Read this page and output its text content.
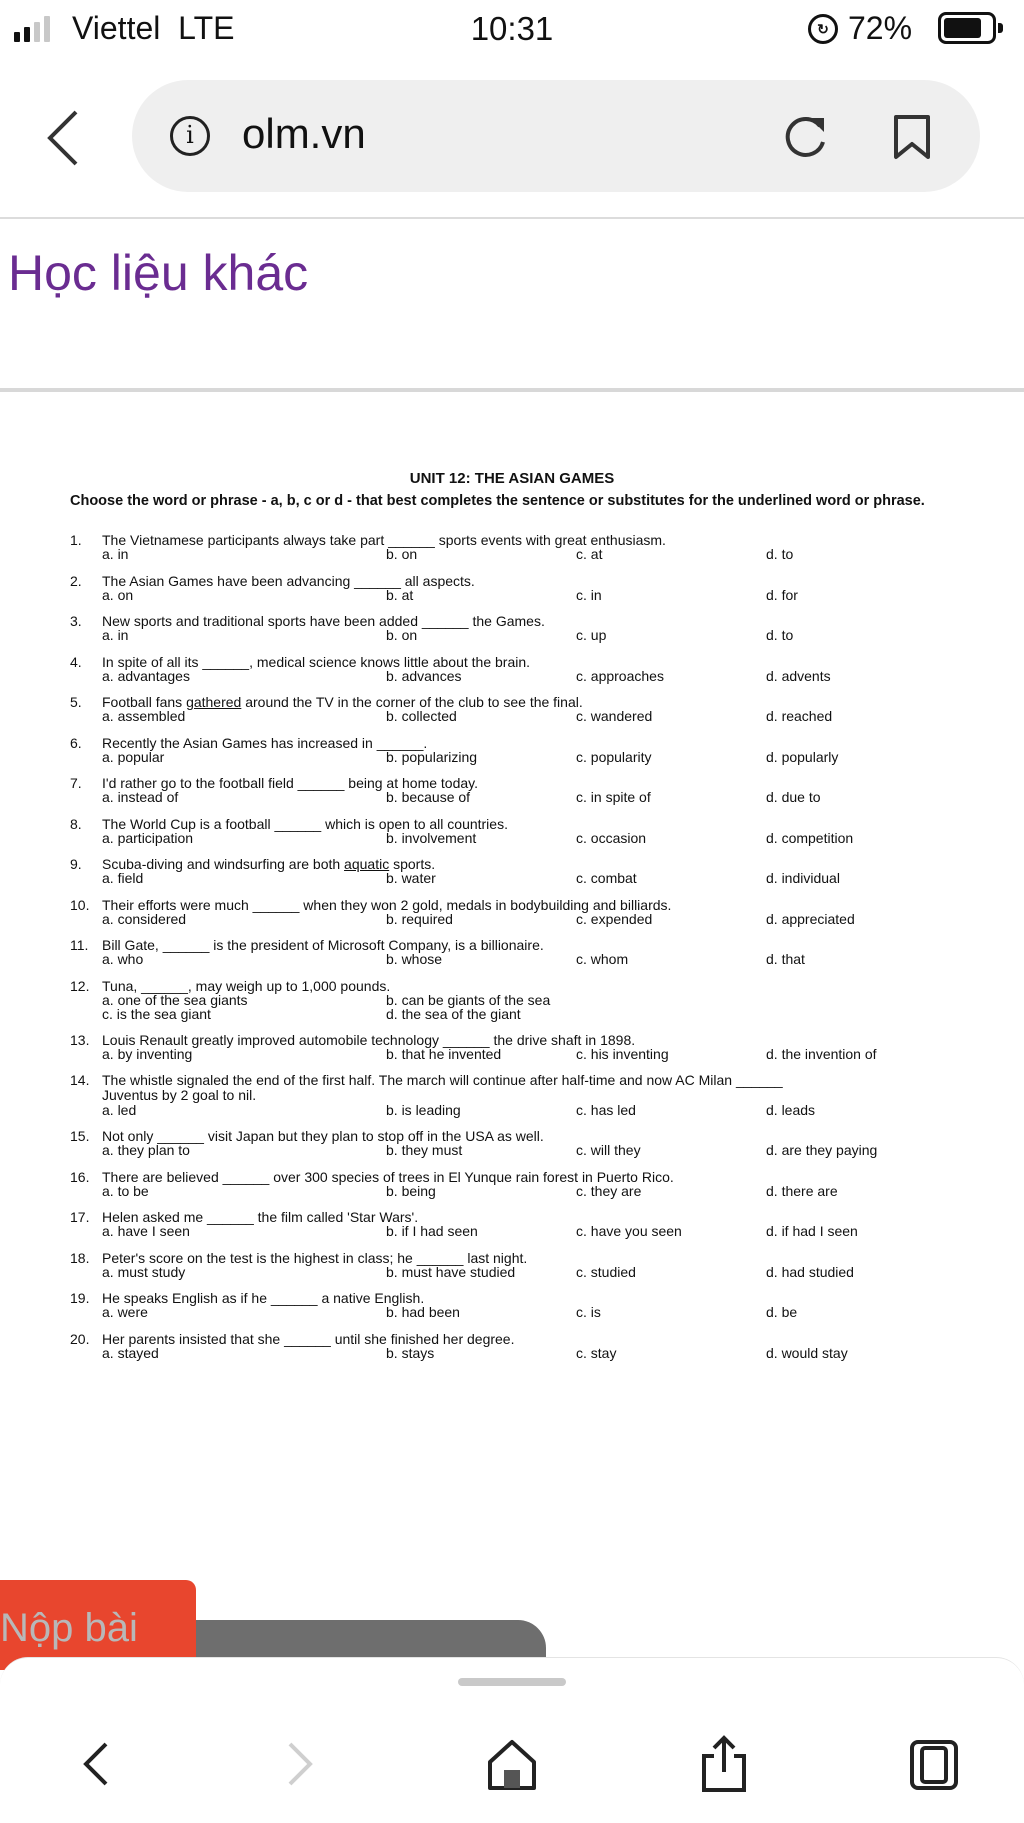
Viettel LTE	10:31	↻ 72%
i	olm.vn
Học liệu khác
UNIT 12: THE ASIAN GAMES
Choose the word or phrase - a, b, c or d - that best completes the sentence or substitutes for the underlined word or phrase.
1.	The Vietnamese participants always take part ______ sports events with great enthusiasm.
a. in	b. on	c. at	d. to
2.	The Asian Games have been advancing ______ all aspects.
a. on	b. at	c. in	d. for
3.	New sports and traditional sports have been added ______ the Games.
a. in	b. on	c. up	d. to
4.	In spite of all its ______, medical science knows little about the brain.
a. advantages	b. advances	c. approaches	d. advents
5.	Football fans gathered around the TV in the corner of the club to see the final.
a. assembled	b. collected	c. wandered	d. reached
6.	Recently the Asian Games has increased in ______.
a. popular	b. popularizing	c. popularity	d. popularly
7.	I'd rather go to the football field ______ being at home today.
a. instead of	b. because of	c. in spite of	d. due to
8.	The World Cup is a football ______ which is open to all countries.
a. participation	b. involvement	c. occasion	d. competition
9.	Scuba-diving and windsurfing are both aquatic sports.
a. field	b. water	c. combat	d. individual
10. Their efforts were much ______ when they won 2 gold, medals in bodybuilding and billiards.
a. considered	b. required	c. expended	d. appreciated
11. Bill Gate, ______ is the president of Microsoft Company, is a billionaire.
a. who	b. whose	c. whom	d. that
12. Tuna, ______, may weigh up to 1,000 pounds.
a. one of the sea giants	b. can be giants of the sea
c. is the sea giant	d. the sea of the giant
13. Louis Renault greatly improved automobile technology ______ the drive shaft in 1898.
a. by inventing	b. that he invented	c. his inventing	d. the invention of
14. The whistle signaled the end of the first half. The march will continue after half-time and now AC Milan ______
Juventus by 2 goal to nil.
a. led	b. is leading	c. has led	d. leads
15. Not only ______ visit Japan but they plan to stop off in the USA as well.
a. they plan to	b. they must	c. will they	d. are they paying
16. There are believed ______ over 300 species of trees in El Yunque rain forest in Puerto Rico.
a. to be	b. being	c. they are	d. there are
17. Helen asked me ______ the film called 'Star Wars'.
a. have I seen	b. if I had seen	c. have you seen	d. if had I seen
18. Peter's score on the test is the highest in class; he ______ last night.
a. must study	b. must have studied	c. studied	d. had studied
19. He speaks English as if he ______ a native English.
a. were	b. had been	c. is	d. be
20. Her parents insisted that she ______ until she finished her degree.
a. stayed	b. stays	c. stay	d. would stay
Nộp bài
